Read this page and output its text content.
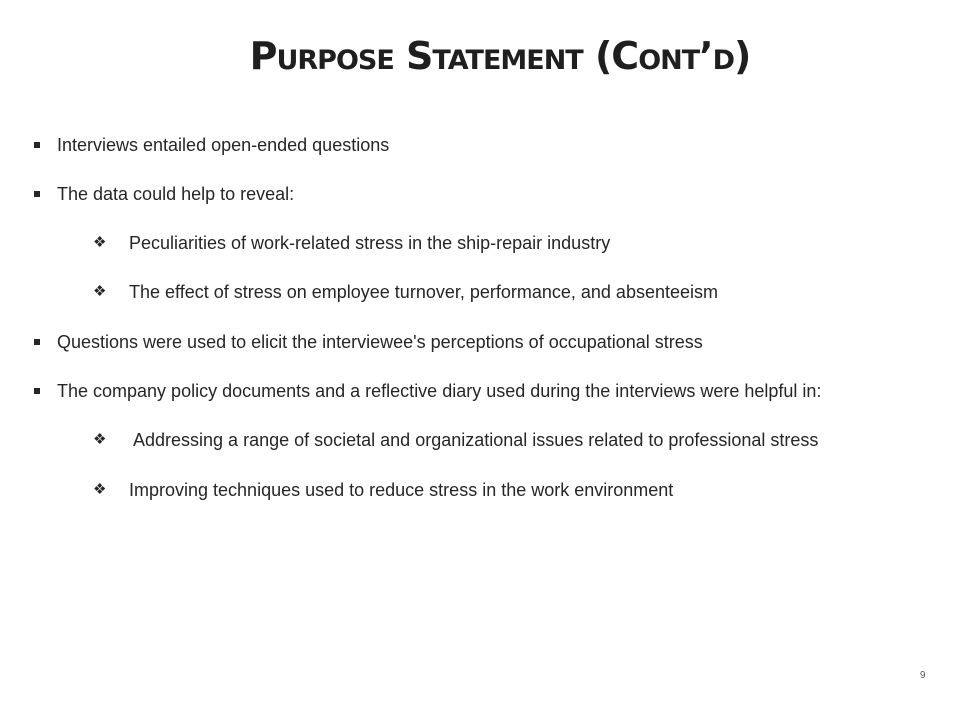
Purpose Statement (Cont’d)
Interviews entailed open-ended questions
The data could help to reveal:
❖ Peculiarities of work-related stress in the ship-repair industry
❖ The effect of stress on employee turnover, performance, and absenteeism
Questions were used to elicit the interviewee's perceptions of occupational stress
The company policy documents and a reflective diary used during the interviews were helpful in:
❖ Addressing a range of societal and organizational issues related to professional stress
❖ Improving techniques used to reduce stress in the work environment
9
